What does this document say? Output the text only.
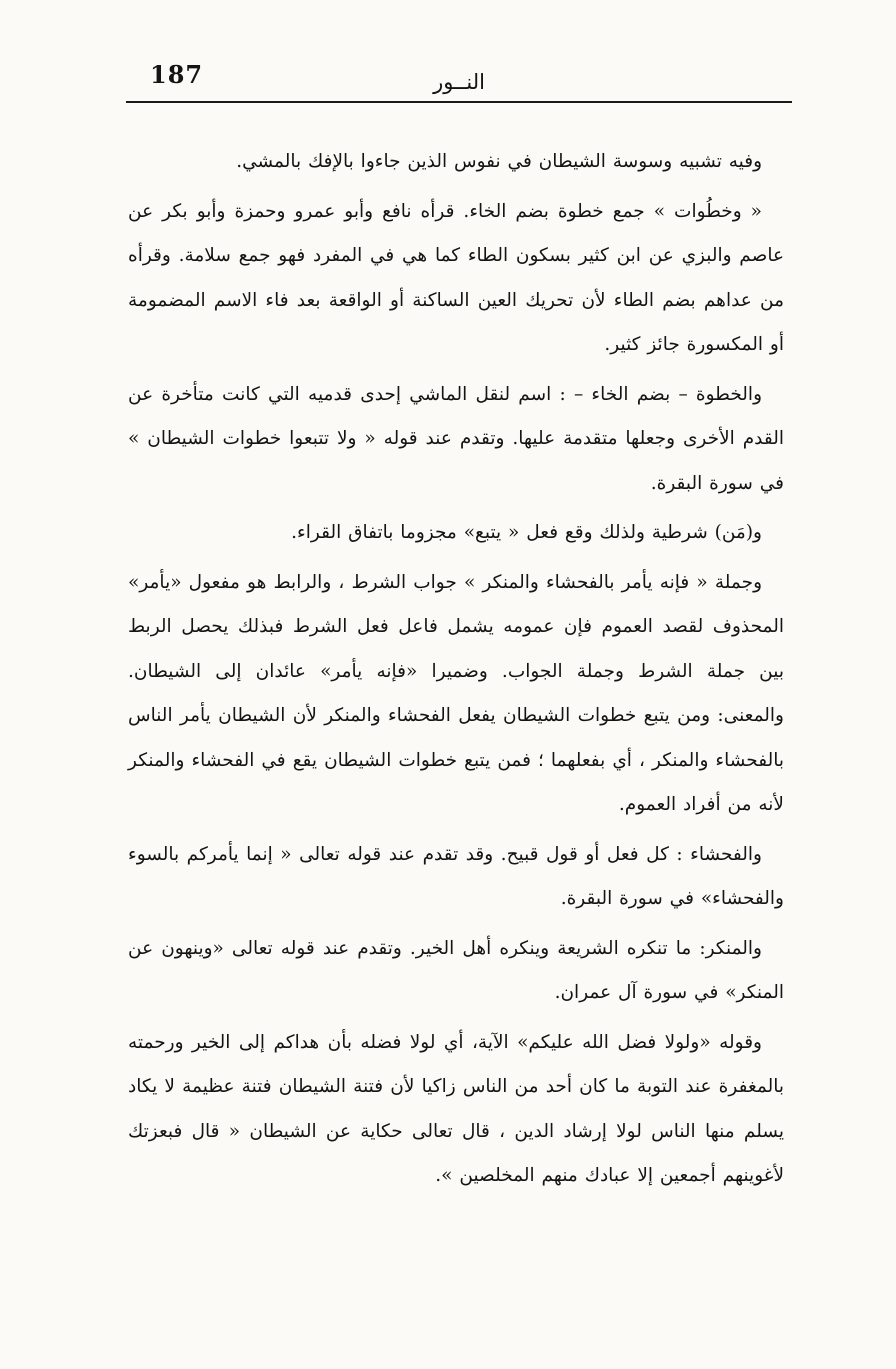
187	النــور

وفيه تشبيه وسوسة الشيطان في نفوس الذين جاءوا بالإفك بالمشي.

« وخطُوات » جمع خطوة بضم الخاء. قرأه نافع وأبو عمرو وحمزة وأبو بكر عن عاصم والبزي عن ابن كثير بسكون الطاء كما هي في المفرد فهو جمع سلامة. وقرأه من عداهم بضم الطاء لأن تحريك العين الساكنة أو الواقعة بعد فاء الاسم المضمومة أو المكسورة جائز كثير.

والخطوة – بضم الخاء – : اسم لنقل الماشي إحدى قدميه التي كانت متأخرة عن القدم الأخرى وجعلها متقدمة عليها. وتقدم عند قوله « ولا تتبعوا خطوات الشيطان » في سورة البقرة.

و(مَن) شرطية ولذلك وقع فعل « يتبع» مجزوما باتفاق القراء.

وجملة « فإنه يأمر بالفحشاء والمنكر » جواب الشرط ، والرابط هو مفعول «يأمر» المحذوف لقصد العموم فإن عمومه يشمل فاعل فعل الشرط فبذلك يحصل الربط بين جملة الشرط وجملة الجواب. وضميرا «فإنه يأمر» عائدان إلى الشيطان. والمعنى: ومن يتبع خطوات الشيطان يفعل الفحشاء والمنكر لأن الشيطان يأمر الناس بالفحشاء والمنكر ، أي بفعلهما ؛ فمن يتبع خطوات الشيطان يقع في الفحشاء والمنكر لأنه من أفراد العموم.

والفحشاء : كل فعل أو قول قبيح. وقد تقدم عند قوله تعالى « إنما يأمركم بالسوء والفحشاء» في سورة البقرة.

والمنكر: ما تنكره الشريعة وينكره أهل الخير. وتقدم عند قوله تعالى «وينهون عن المنكر» في سورة آل عمران.

وقوله «ولولا فضل الله عليكم» الآية، أي لولا فضله بأن هداكم إلى الخير ورحمته بالمغفرة عند التوبة ما كان أحد من الناس زاكيا لأن فتنة الشيطان فتنة عظيمة لا يكاد يسلم منها الناس لولا إرشاد الدين ، قال تعالى حكاية عن الشيطان « قال فبعزتك لأغوينهم أجمعين إلا عبادك منهم المخلصين ».
